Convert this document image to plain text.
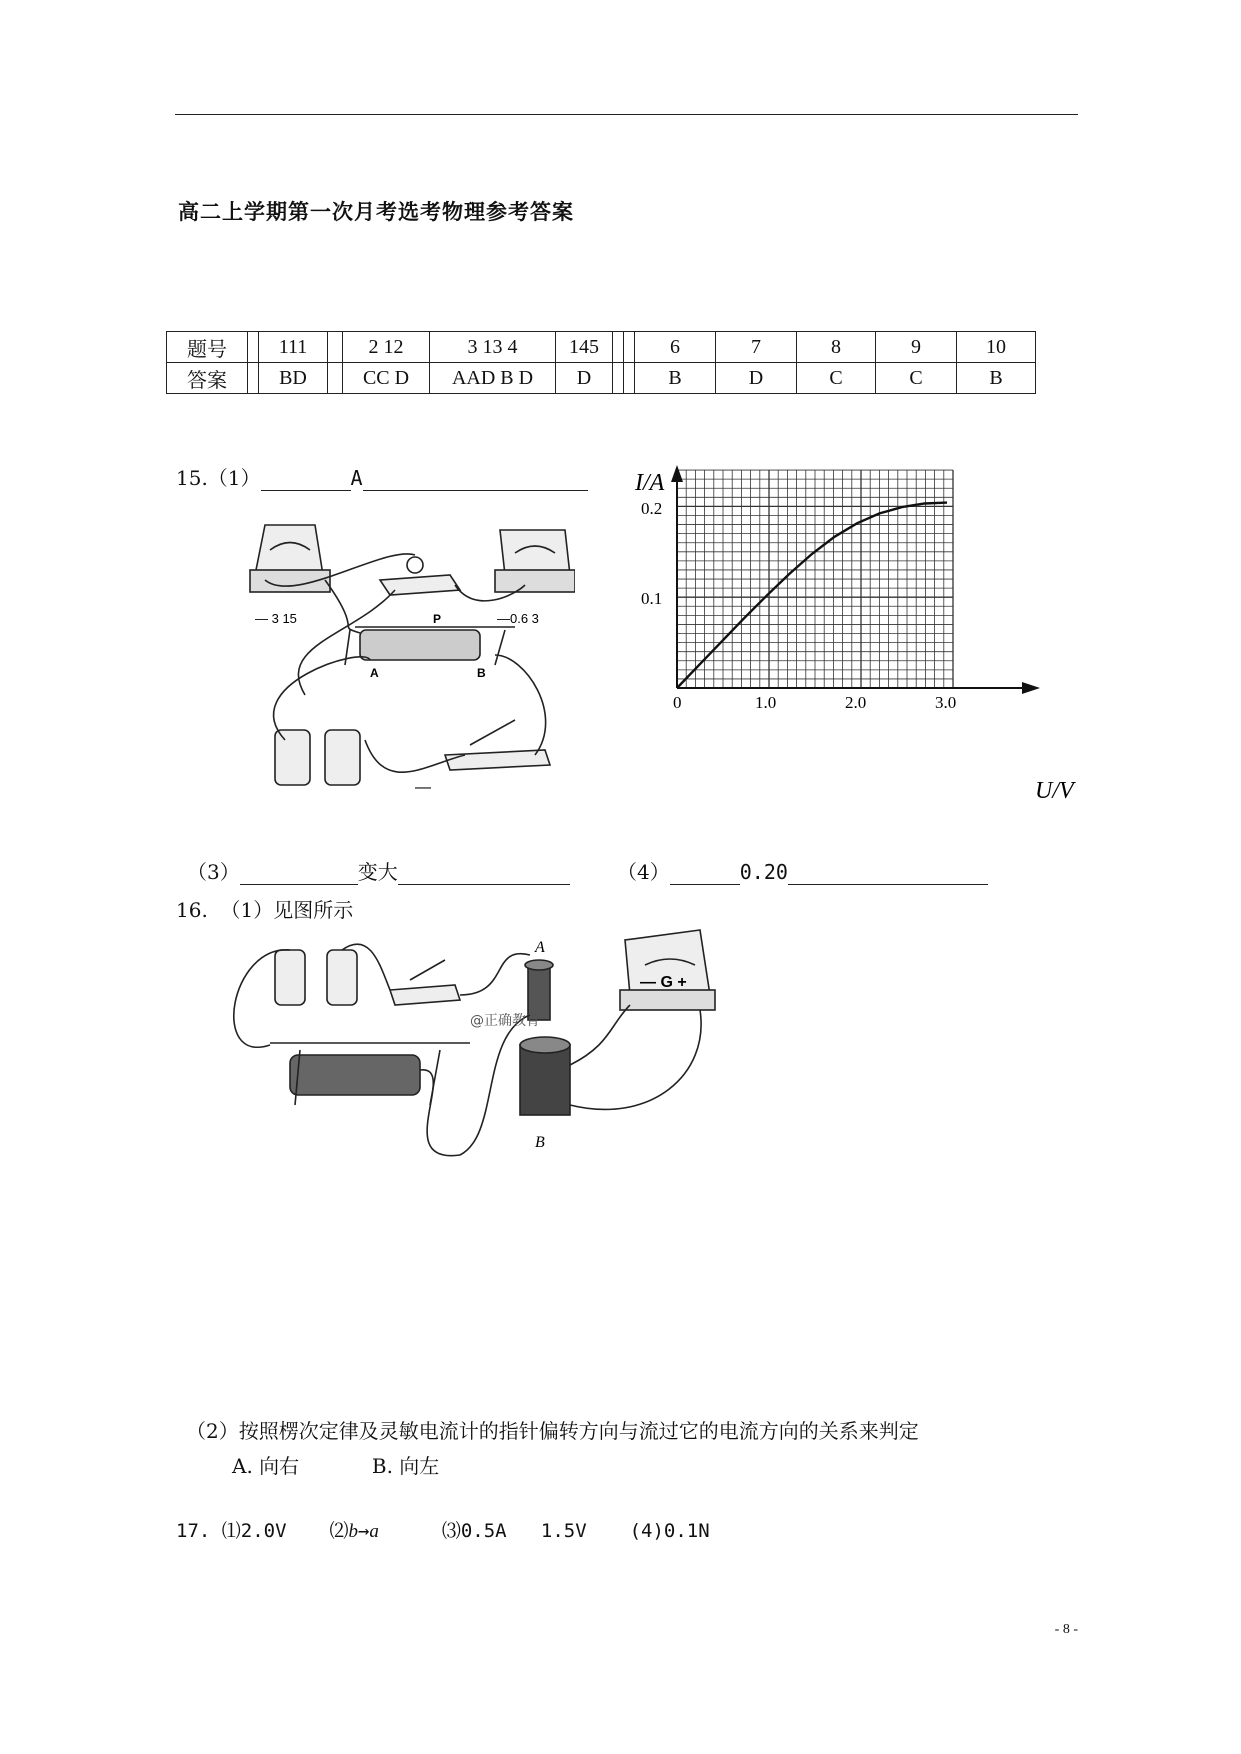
高二上学期第一次月考选考物理参考答案
题号		111		2 12	3 13 4	145			6	7	8	9	10
答案		BD		CC D	AAD B D	D			B	D	C	C	B
15.（1）	A
— 3 15	—0.6 3
P
A	B
—
0	1.0	2.0	3.0
0.1
0.2
I/A
U/V
（3）	变大	（4）	0.20
16. （1）见图所示
A
B
— G +
@正确教育
（2）按照楞次定律及灵敏电流计的指针偏转方向与流过它的电流方向的关系来判定
A. 向右	B. 向左
17. ⑴2.0V ⑵b→a	⑶0.5A   1.5V (4)0.1N
- 8 -
